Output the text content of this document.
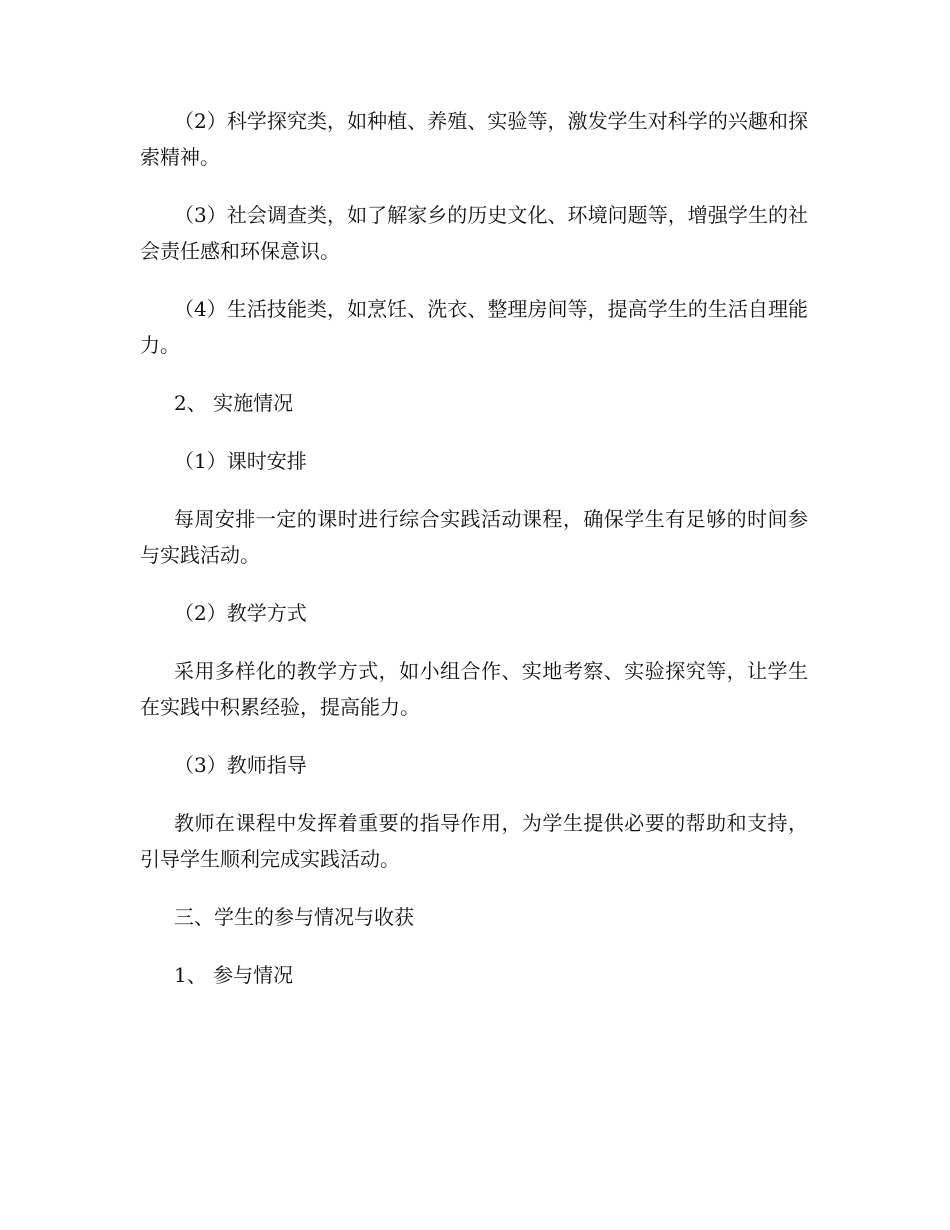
（2）科学探究类，如种植、养殖、实验等，激发学生对科学的兴趣和探索精神。

（3）社会调查类，如了解家乡的历史文化、环境问题等，增强学生的社会责任感和环保意识。

（4）生活技能类，如烹饪、洗衣、整理房间等，提高学生的生活自理能力。

2、 实施情况

（1）课时安排

每周安排一定的课时进行综合实践活动课程，确保学生有足够的时间参与实践活动。

（2）教学方式

采用多样化的教学方式，如小组合作、实地考察、实验探究等，让学生在实践中积累经验，提高能力。

（3）教师指导

教师在课程中发挥着重要的指导作用，为学生提供必要的帮助和支持，引导学生顺利完成实践活动。

三、学生的参与情况与收获

1、 参与情况
